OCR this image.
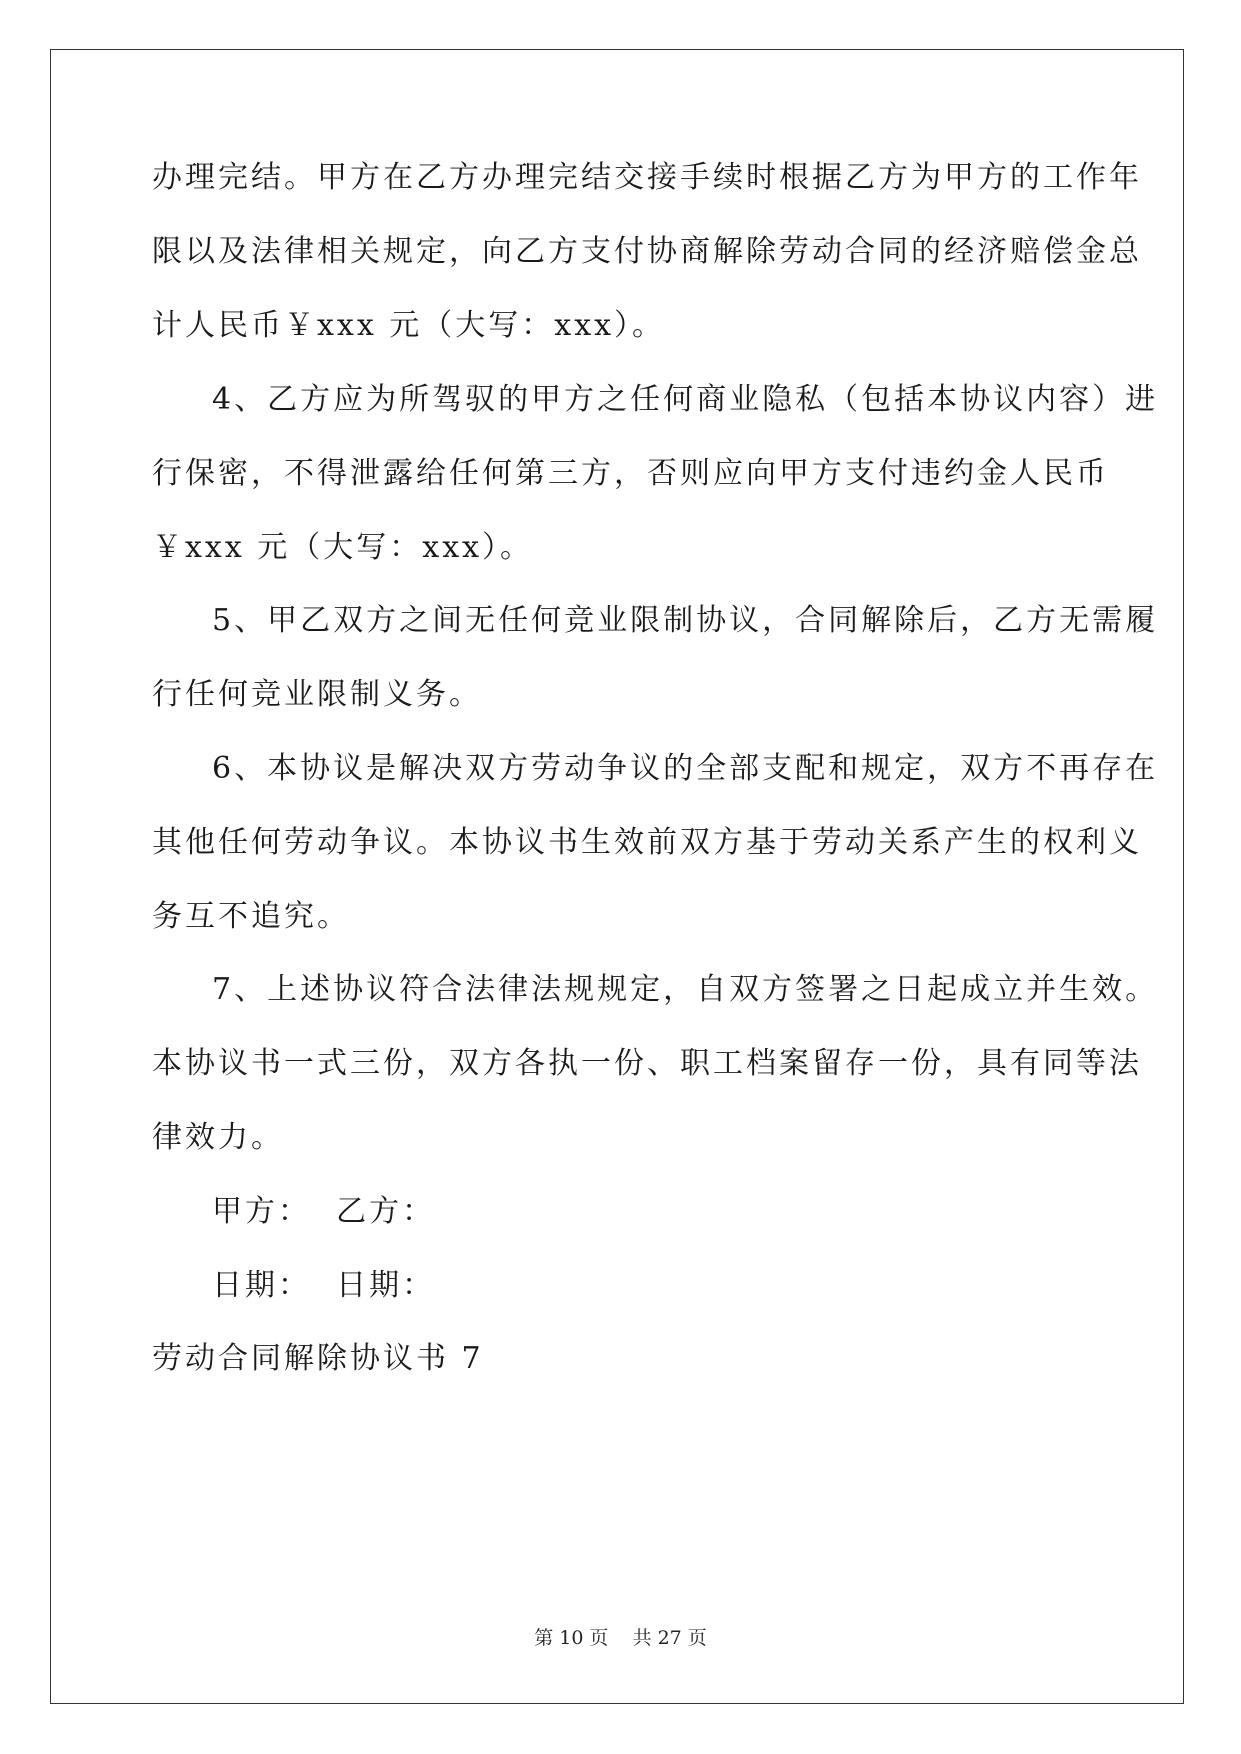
办理完结。甲方在乙方办理完结交接手续时根据乙方为甲方的工作年
限以及法律相关规定，向乙方支付协商解除劳动合同的经济赔偿金总
计人民币￥xxx 元（大写：xxx）。
4、乙方应为所驾驭的甲方之任何商业隐私（包括本协议内容）进
行保密，不得泄露给任何第三方，否则应向甲方支付违约金人民币
￥xxx 元（大写：xxx）。
5、甲乙双方之间无任何竞业限制协议，合同解除后，乙方无需履
行任何竞业限制义务。
6、本协议是解决双方劳动争议的全部支配和规定，双方不再存在
其他任何劳动争议。本协议书生效前双方基于劳动关系产生的权利义
务互不追究。
7、上述协议符合法律法规规定，自双方签署之日起成立并生效。
本协议书一式三份，双方各执一份、职工档案留存一份，具有同等法
律效力。
甲方：  乙方：
日期：  日期：
劳动合同解除协议书 7
第 10 页 共 27 页
